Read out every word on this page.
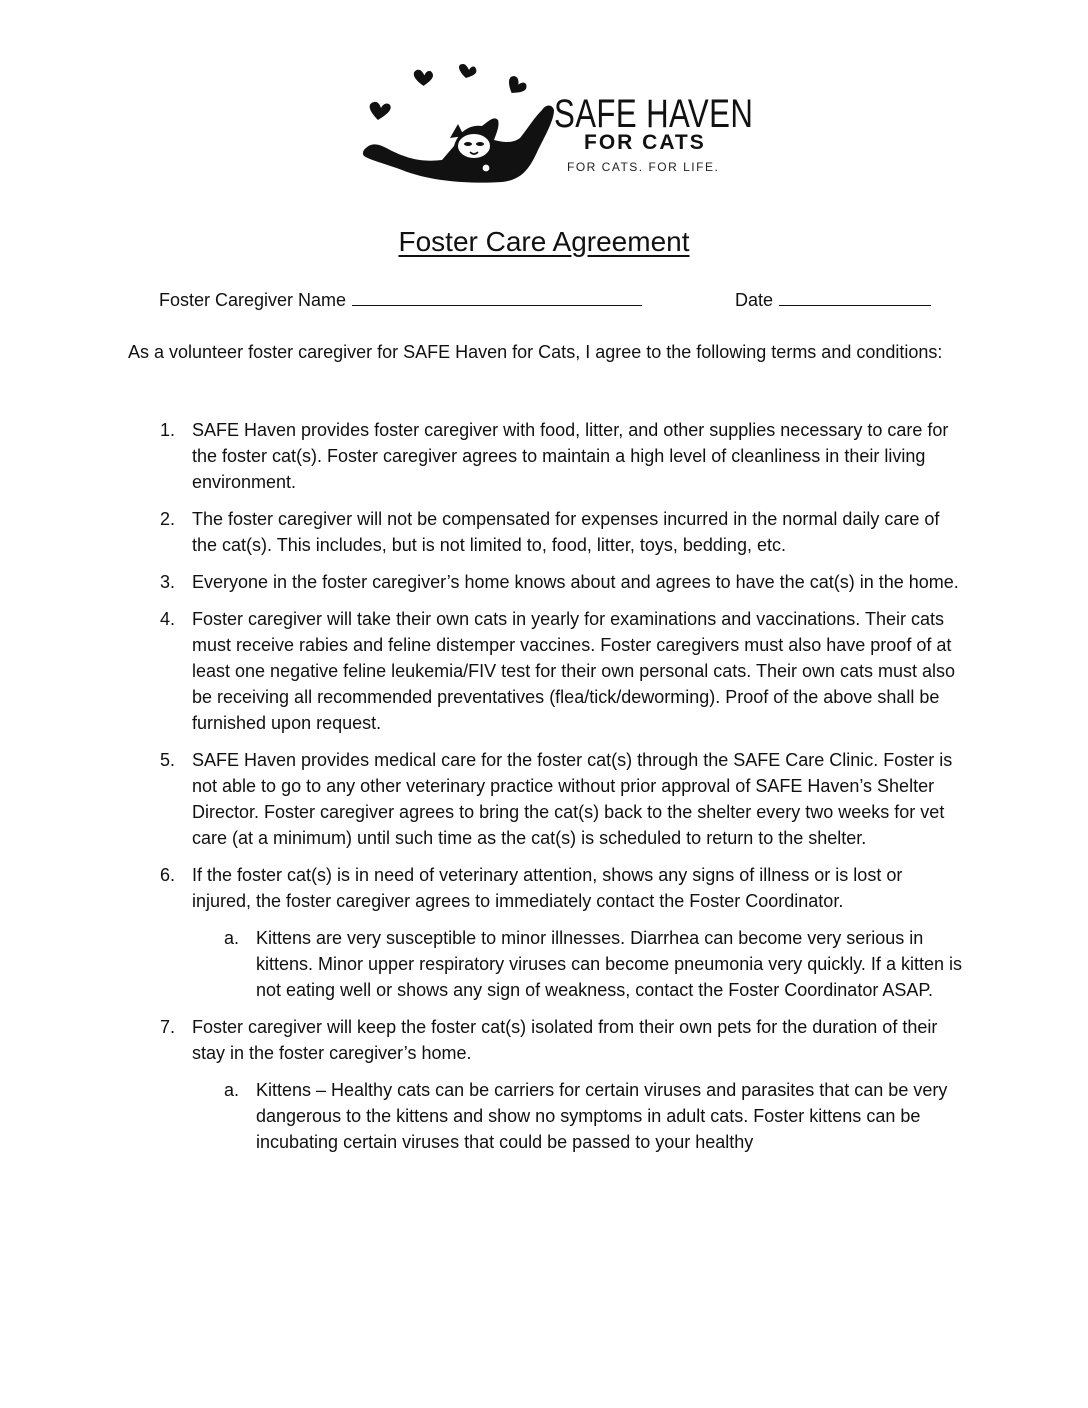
SAFE HAVEN
FOR CATS
FOR CATS. FOR LIFE.
Foster Care Agreement
Foster Caregiver Name	Date
As a volunteer foster caregiver for SAFE Haven for Cats, I agree to the following terms and conditions:
1. SAFE Haven provides foster caregiver with food, litter, and other supplies necessary to care for the foster cat(s). Foster caregiver agrees to maintain a high level of cleanliness in their living environment.
2. The foster caregiver will not be compensated for expenses incurred in the normal daily care of the cat(s). This includes, but is not limited to, food, litter, toys, bedding, etc.
3. Everyone in the foster caregiver’s home knows about and agrees to have the cat(s) in the home.
4. Foster caregiver will take their own cats in yearly for examinations and vaccinations. Their cats must receive rabies and feline distemper vaccines. Foster caregivers must also have proof of at least one negative feline leukemia/FIV test for their own personal cats. Their own cats must also be receiving all recommended preventatives (flea/tick/deworming). Proof of the above shall be furnished upon request.
5. SAFE Haven provides medical care for the foster cat(s) through the SAFE Care Clinic. Foster is not able to go to any other veterinary practice without prior approval of SAFE Haven’s Shelter Director. Foster caregiver agrees to bring the cat(s) back to the shelter every two weeks for vet care (at a minimum) until such time as the cat(s) is scheduled to return to the shelter.
6. If the foster cat(s) is in need of veterinary attention, shows any signs of illness or is lost or injured, the foster caregiver agrees to immediately contact the Foster Coordinator.
a. Kittens are very susceptible to minor illnesses. Diarrhea can become very serious in kittens. Minor upper respiratory viruses can become pneumonia very quickly. If a kitten is not eating well or shows any sign of weakness, contact the Foster Coordinator ASAP.
7. Foster caregiver will keep the foster cat(s) isolated from their own pets for the duration of their stay in the foster caregiver’s home.
a. Kittens – Healthy cats can be carriers for certain viruses and parasites that can be very dangerous to the kittens and show no symptoms in adult cats. Foster kittens can be incubating certain viruses that could be passed to your healthy
